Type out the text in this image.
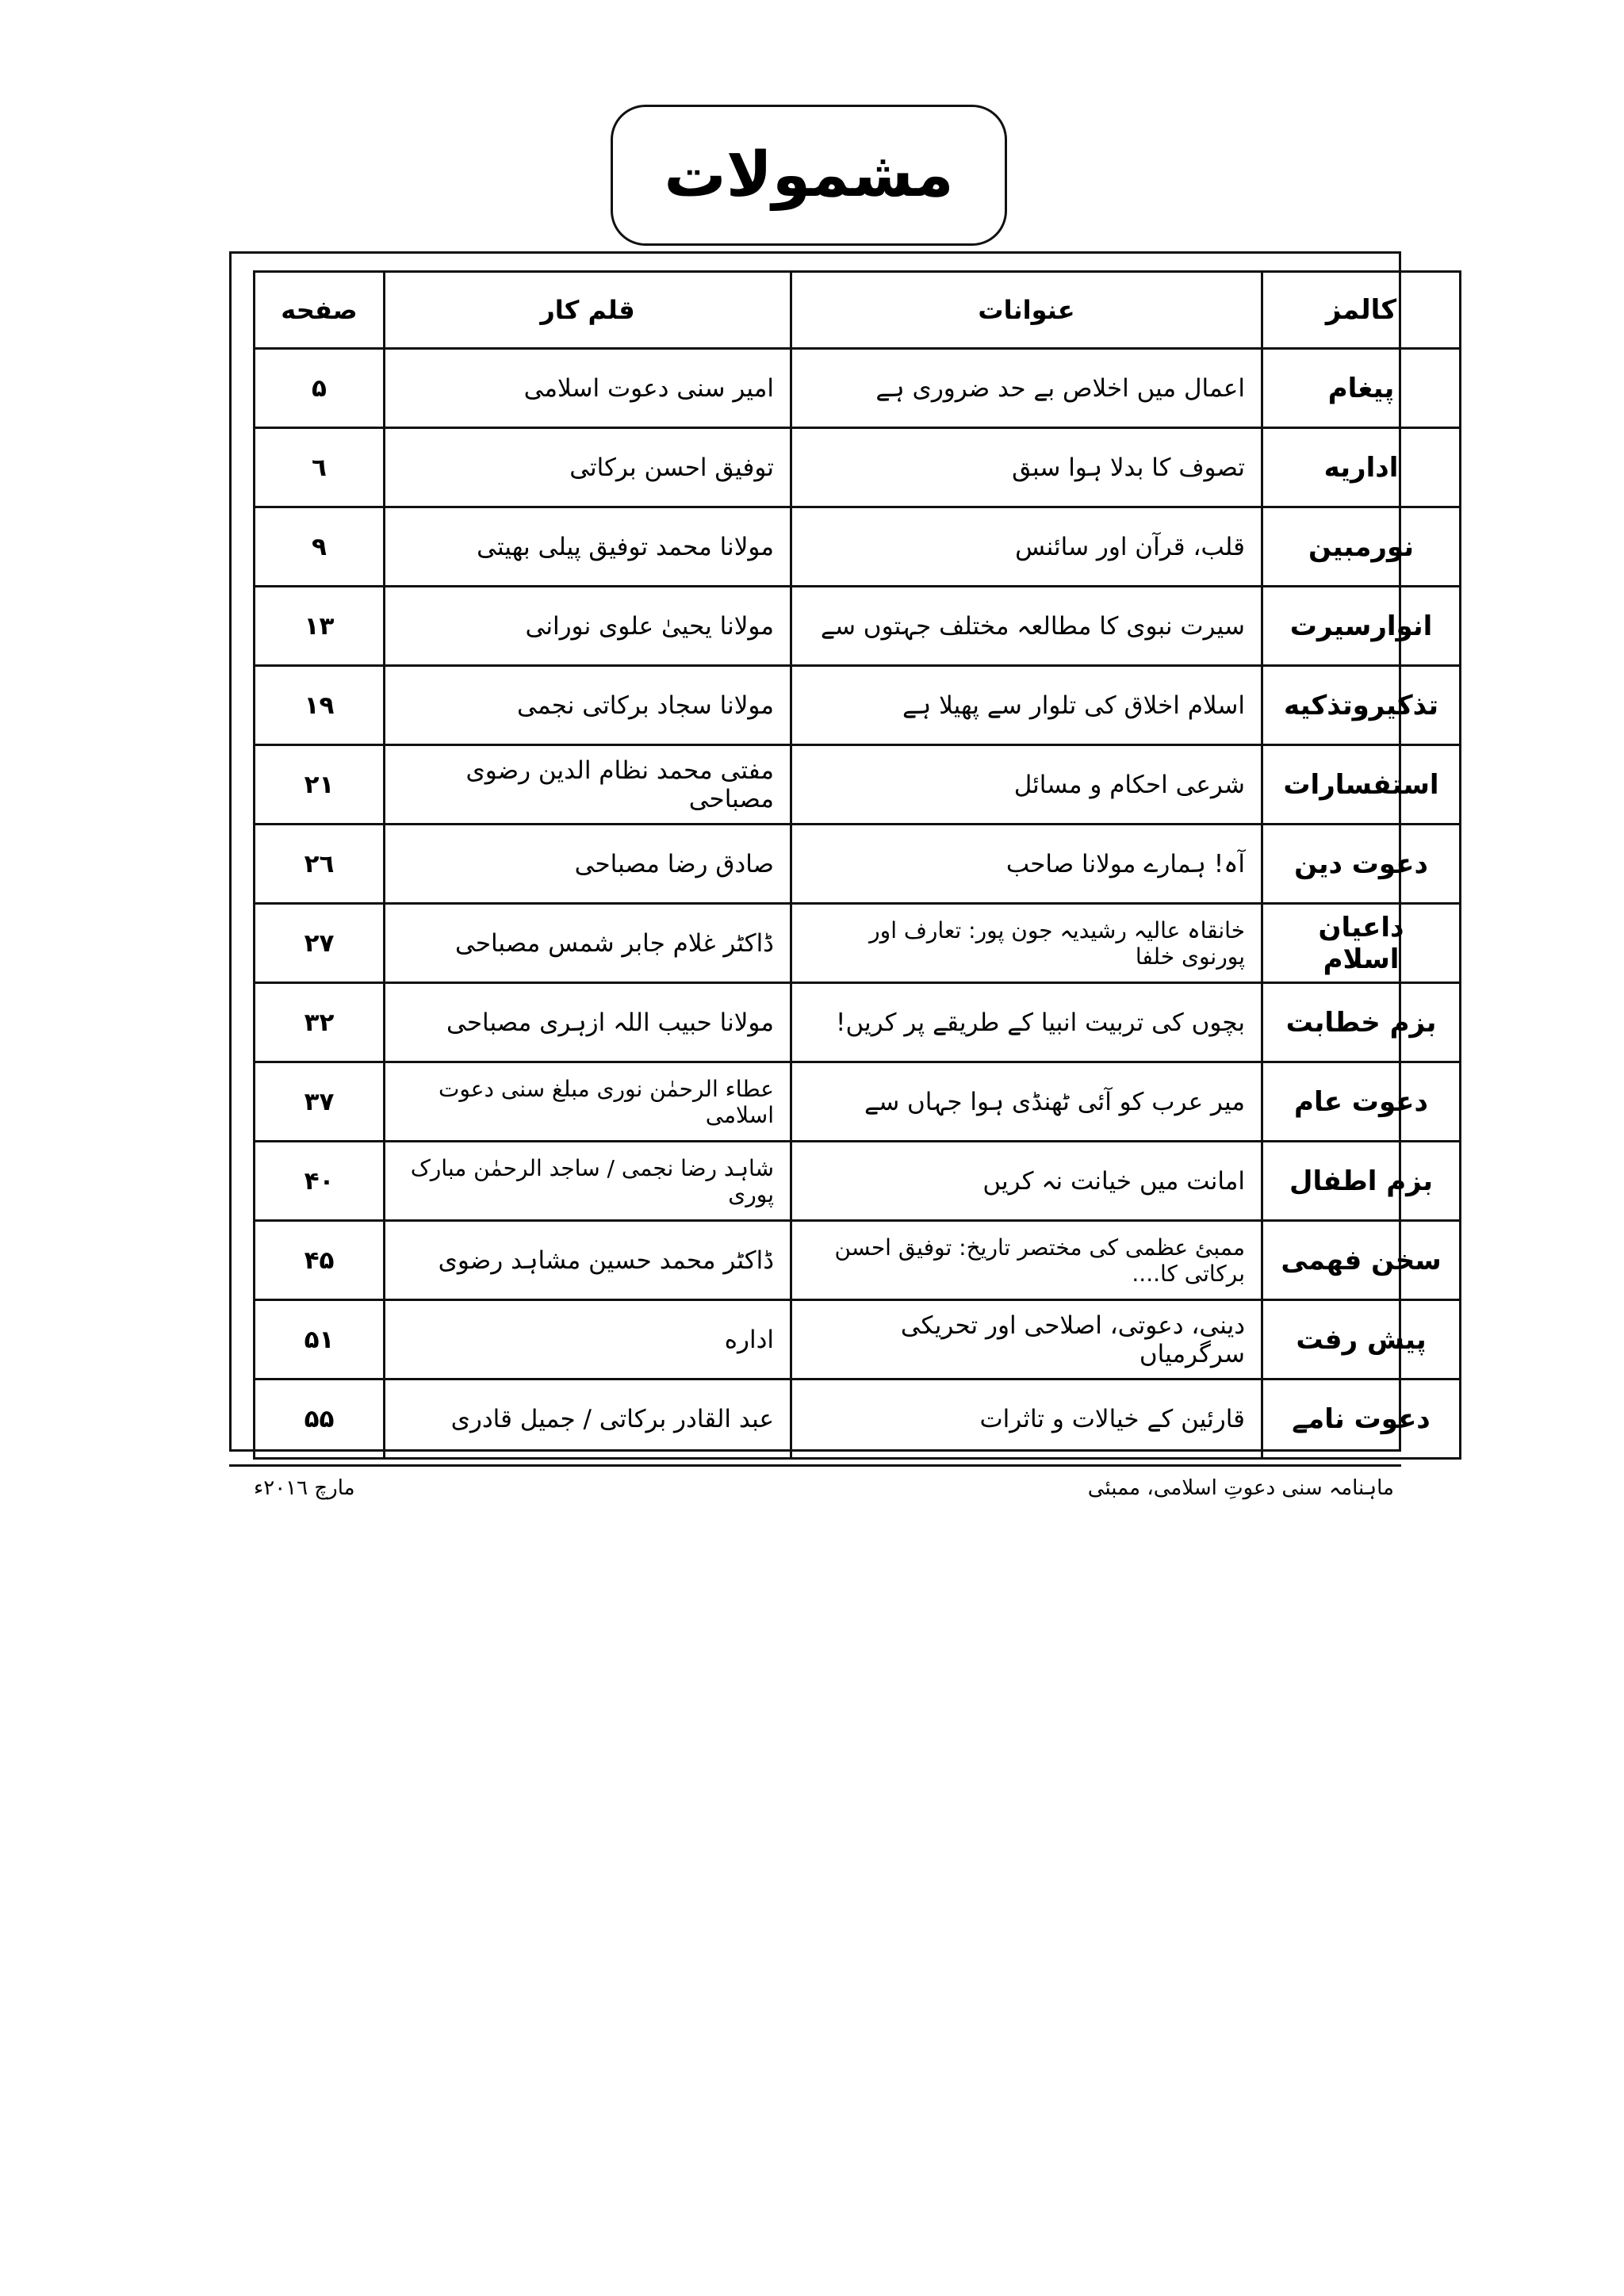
مشمولات
کالمز	عنوانات	قلم کار	صفحه
پیغام	اعمال میں اخلاص بے حد ضروری ہے	امیر سنی دعوت اسلامی	۵
اداریه	تصوف کا بدلا ہوا سبق	توفیق احسن برکاتی	٦
نورمبین	قلب، قرآن اور سائنس	مولانا محمد توفیق پیلی بھیتی	۹
انوارسیرت	سیرت نبوی کا مطالعہ مختلف جہتوں سے	مولانا یحییٰ علوی نورانی	١٣
تذکیروتذکیه	اسلام اخلاق کی تلوار سے پھیلا ہے	مولانا سجاد برکاتی نجمی	١٩
استفسارات	شرعی احکام و مسائل	مفتی محمد نظام الدین رضوی مصباحی	٢١
دعوت دین	آہ! ہمارے مولانا صاحب	صادق رضا مصباحی	٢٦
داعیان اسلام	خانقاہ عالیہ رشیدیہ جون پور: تعارف اور پورنوی خلفا	ڈاکٹر غلام جابر شمس مصباحی	٢٧
بزم خطابت	بچوں کی تربیت انبیا کے طریقے پر کریں!	مولانا حبیب اللہ ازہری مصباحی	٣٢
دعوت عام	میر عرب کو آئی ٹھنڈی ہوا جہاں سے	عطاء الرحمٰن نوری مبلغ سنی دعوت اسلامی	٣٧
بزم اطفال	امانت میں خیانت نہ کریں	شاہد رضا نجمی / ساجد الرحمٰن مبارک پوری	۴٠
سخن فهمی	ممبئ عظمی کی مختصر تاریخ: توفیق احسن برکاتی کا....	ڈاکٹر محمد حسین مشاہد رضوی	۴۵
پیش رفت	دینی، دعوتی، اصلاحی اور تحریکی سرگرمیاں	اداره	۵١
دعوت نامے	قارئین کے خیالات و تاثرات	عبد القادر برکاتی / جمیل قادری	۵۵
ماہنامہ سنی دعوتِ اسلامی، ممبئی
مارچ ٢٠١٦ء
